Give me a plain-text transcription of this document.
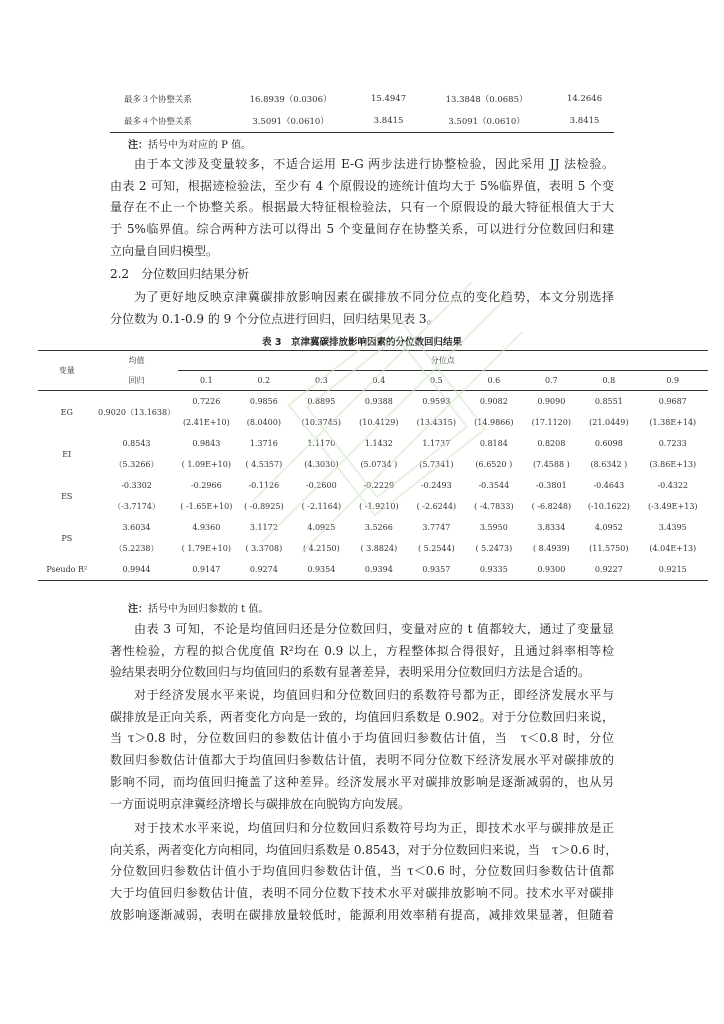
最多３个协整关系	16.8939（0.0306）	15.4947	13.3848（0.0685）	14.2646
最多４个协整关系	3.5091（0.0610）	3.8415	3.5091（0.0610）	3.8415
注：括号中为对应的 P 值。
由于本文涉及变量较多，不适合运用 E-G 两步法进行协整检验，因此采用 JJ 法检验。
由表 2 可知，根据迹检验法，至少有 4 个原假设的迹统计值均大于 5%临界值，表明 5 个变
量存在不止一个协整关系。根据最大特征根检验法，只有一个原假设的最大特征根值大于大
于 5%临界值。综合两种方法可以得出 5 个变量间存在协整关系，可以进行分位数回归和建
立向量自回归模型。
2.2　分位数回归结果分析
为了更好地反映京津冀碳排放影响因素在碳排放不同分位点的变化趋势，本文分别选择
分位数为 0.1-0.9 的 9 个分位点进行回归，回归结果见表 3。
表 3　京津冀碳排放影响因素的分位数回归结果
变量	均值	分位点								
	回归	0.1	0.2	0.3	0.4	0.5	0.6	0.7	0.8	0.9
EG	0.9020（13.1638）	0.7226	0.9856	0.8895	0.9388	0.9593	0.9082	0.9090	0.8551	0.9687
		(2.41E+10)	(8.0400)	(10.3745)	(10.4129)	(13.4315)	(14.9866)	(17.1120)	(21.0449)	(1.38E+14)
EI	0.8543	0.9843	1.3716	1.1170	1.1432	1.1737	0.8184	0.8208	0.6098	0.7233
	（5.3266）	( 1.09E+10)	( 4.5357)	(4.3030)	(5.0734 )	(5.7341)	(6.6520 )	(7.4588 )	(8.6342 )	(3.86E+13)
ES	-0.3302	-0.2966	-0.1126	-0.2600	-0.2229	-0.2493	-0.3544	-0.3801	-0.4643	-0.4322
	（-3.7174）	( -1.65E+10)	( -0.8925)	( -2.1164)	( -1.9210)	( -2.6244)	( -4.7833)	( -6.8248)	(-10.1622)	(-3.49E+13)
PS	3.6034	4.9360	3.1172	4.0925	3.5266	3.7747	3.5950	3.8334	4.0952	3.4395
	（5.2238）	( 1.79E+10)	( 3.3708)	( 4.2150)	( 3.8824)	( 5.2544)	( 5.2473)	( 8.4939)	(11.5750)	(4.04E+13)
Pseudo R²	0.9944	0.9147	0.9274	0.9354	0.9394	0.9357	0.9335	0.9300	0.9227	0.9215
注：括号中为回归参数的 t 值。
由表 3 可知，不论是均值回归还是分位数回归，变量对应的 t 值都较大，通过了变量显
著性检验，方程的拟合优度值 R²均在 0.9 以上，方程整体拟合得很好，且通过斜率相等检
验结果表明分位数回归与均值回归的系数有显著差异，表明采用分位数回归方法是合适的。
对于经济发展水平来说，均值回归和分位数回归的系数符号都为正，即经济发展水平与
碳排放是正向关系，两者变化方向是一致的，均值回归系数是 0.902。对于分位数回归来说，
当 τ＞0.8 时，分位数回归的参数估计值小于均值回归参数估计值，当　τ＜0.8 时，分位
数回归参数估计值都大于均值回归参数估计值，表明不同分位数下经济发展水平对碳排放的
影响不同，而均值回归掩盖了这种差异。经济发展水平对碳排放影响是逐渐减弱的，也从另
一方面说明京津冀经济增长与碳排放在向脱钩方向发展。
对于技术水平来说，均值回归和分位数回归系数符号均为正，即技术水平与碳排放是正
向关系，两者变化方向相同，均值回归系数是 0.8543，对于分位数回归来说，当　τ＞0.6 时，
分位数回归参数估计值小于均值回归参数估计值，当 τ＜0.6 时，分位数回归参数估计值都
大于均值回归参数估计值，表明不同分位数下技术水平对碳排放影响不同。技术水平对碳排
放影响逐渐减弱，表明在碳排放量较低时，能源利用效率稍有提高，减排效果显著，但随着
